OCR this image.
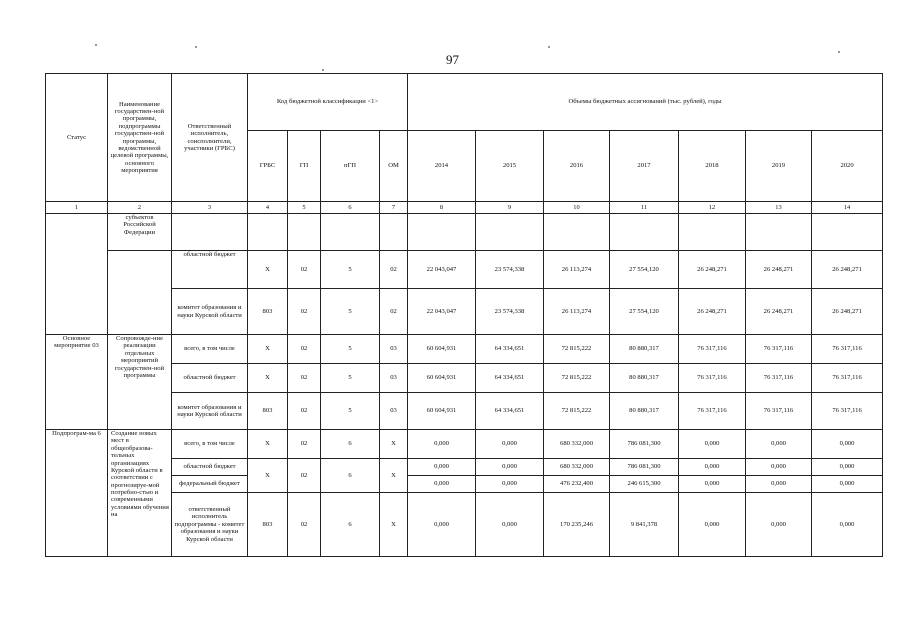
97
Статус	Наименование государствен-ной программы, подпрограммы государствен-ной программы, ведомственной целевой программы, основного мероприятия	Ответственный исполнитель, соисполнители, участники (ГРБС)	Код бюджетной классификации <1>				Объемы бюджетных ассигнований (тыс. рублей), годы						
			ГРБС	ГП	пГП	ОМ	2014	2015	2016	2017	2018	2019	2020
1	2	3	4	5	6	7	8	9	10	11	12	13	14
	субъектов Российской Федерации												
		областной бюджет	X	02	5	02	22 043,047	23 574,338	26 113,274	27 554,120	26 248,271	26 248,271	26 248,271
		комитет образования и науки Курской области	803	02	5	02	22 043,047	23 574,338	26 113,274	27 554,120	26 248,271	26 248,271	26 248,271
Основное мероприятие 03	Сопровожде-ние реализации отдельных мероприятий государствен-ной программы	всего, в том числе	X	02	5	03	60 604,931	64 334,651	72 815,222	80 880,317	76 317,116	76 317,116	76 317,116
		областной бюджет	X	02	5	03	60 604,931	64 334,651	72 815,222	80 880,317	76 317,116	76 317,116	76 317,116
		комитет образования и науки Курской области	803	02	5	03	60 604,931	64 334,651	72 815,222	80 880,317	76 317,116	76 317,116	76 317,116
Подпрограм-ма 6	Создание новых мест в общеобразова-тельных организациях Курской области в соответствии с прогнозируе-мой потребно-стью и современными условиями обучения на	всего, в том числе	X	02	6	X	0,000	0,000	680 332,000	786 081,300	0,000	0,000	0,000
		областной бюджет	X	02	6	X	0,000	0,000	680 332,000	786 081,300	0,000	0,000	0,000
		федеральный бюджет					0,000	0,000	476 232,400	246 615,300	0,000	0,000	0,000
		ответственный исполнитель подпрограммы - комитет образования и науки Курской области	803	02	6	X	0,000	0,000	170 235,246	9 841,378	0,000	0,000	0,000
